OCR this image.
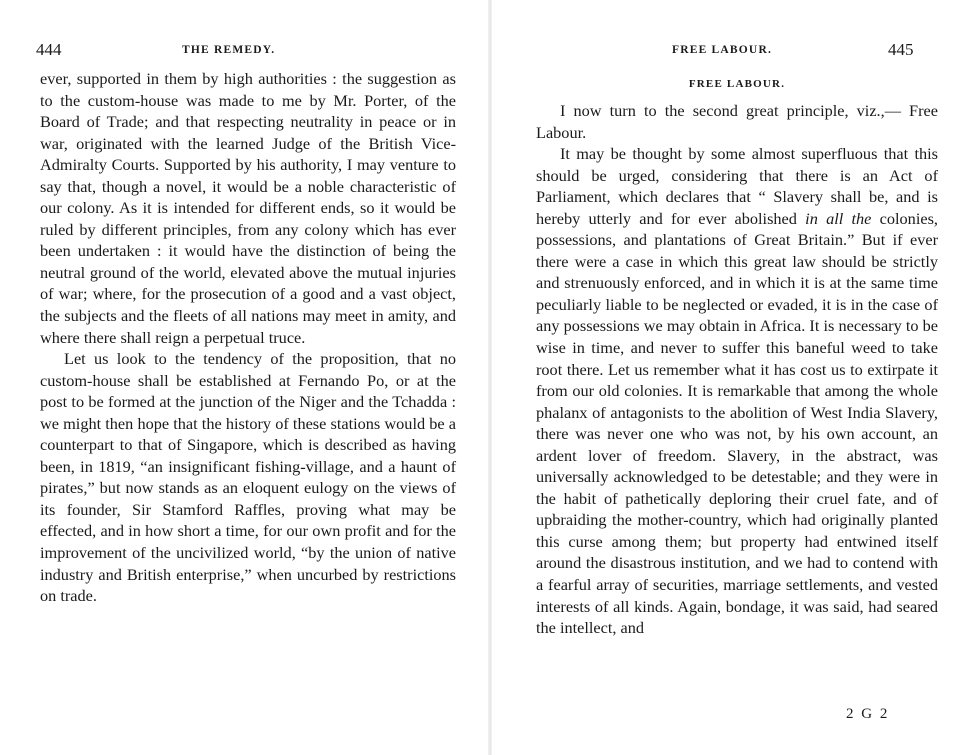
444	THE REMEDY.	FREE LABOUR.	445

ever, supported in them by high authorities : the suggestion as to the custom-house was made to me by Mr. Porter, of the Board of Trade; and that respecting neutrality in peace or in war, originated with the learned Judge of the British Vice-Admiralty Courts. Supported by his authority, I may venture to say that, though a novel, it would be a noble characteristic of our colony. As it is intended for different ends, so it would be ruled by different principles, from any colony which has ever been undertaken : it would have the distinction of being the neutral ground of the world, elevated above the mutual injuries of war; where, for the prosecution of a good and a vast object, the subjects and the fleets of all nations may meet in amity, and where there shall reign a perpetual truce.

Let us look to the tendency of the proposition, that no custom-house shall be established at Fernando Po, or at the post to be formed at the junction of the Niger and the Tchadda : we might then hope that the history of these stations would be a counterpart to that of Singapore, which is described as having been, in 1819, “an insignificant fishing-village, and a haunt of pirates,” but now stands as an eloquent eulogy on the views of its founder, Sir Stamford Raffles, proving what may be effected, and in how short a time, for our own profit and for the improvement of the uncivilized world, “by the union of native industry and British enterprise,” when uncurbed by restrictions on trade.

FREE LABOUR.

I now turn to the second great principle, viz.,— Free Labour.

It may be thought by some almost superfluous that this should be urged, considering that there is an Act of Parliament, which declares that “ Slavery shall be, and is hereby utterly and for ever abolished in all the colonies, possessions, and plantations of Great Britain.” But if ever there were a case in which this great law should be strictly and strenuously enforced, and in which it is at the same time peculiarly liable to be neglected or evaded, it is in the case of any possessions we may obtain in Africa. It is necessary to be wise in time, and never to suffer this baneful weed to take root there. Let us remember what it has cost us to extirpate it from our old colonies. It is remarkable that among the whole phalanx of antagonists to the abolition of West India Slavery, there was never one who was not, by his own account, an ardent lover of freedom. Slavery, in the abstract, was universally acknowledged to be detestable; and they were in the habit of pathetically deploring their cruel fate, and of upbraiding the mother-country, which had originally planted this curse among them; but property had entwined itself around the disastrous institution, and we had to contend with a fearful array of securities, marriage settlements, and vested interests of all kinds. Again, bondage, it was said, had seared the intellect, and

2 G 2
